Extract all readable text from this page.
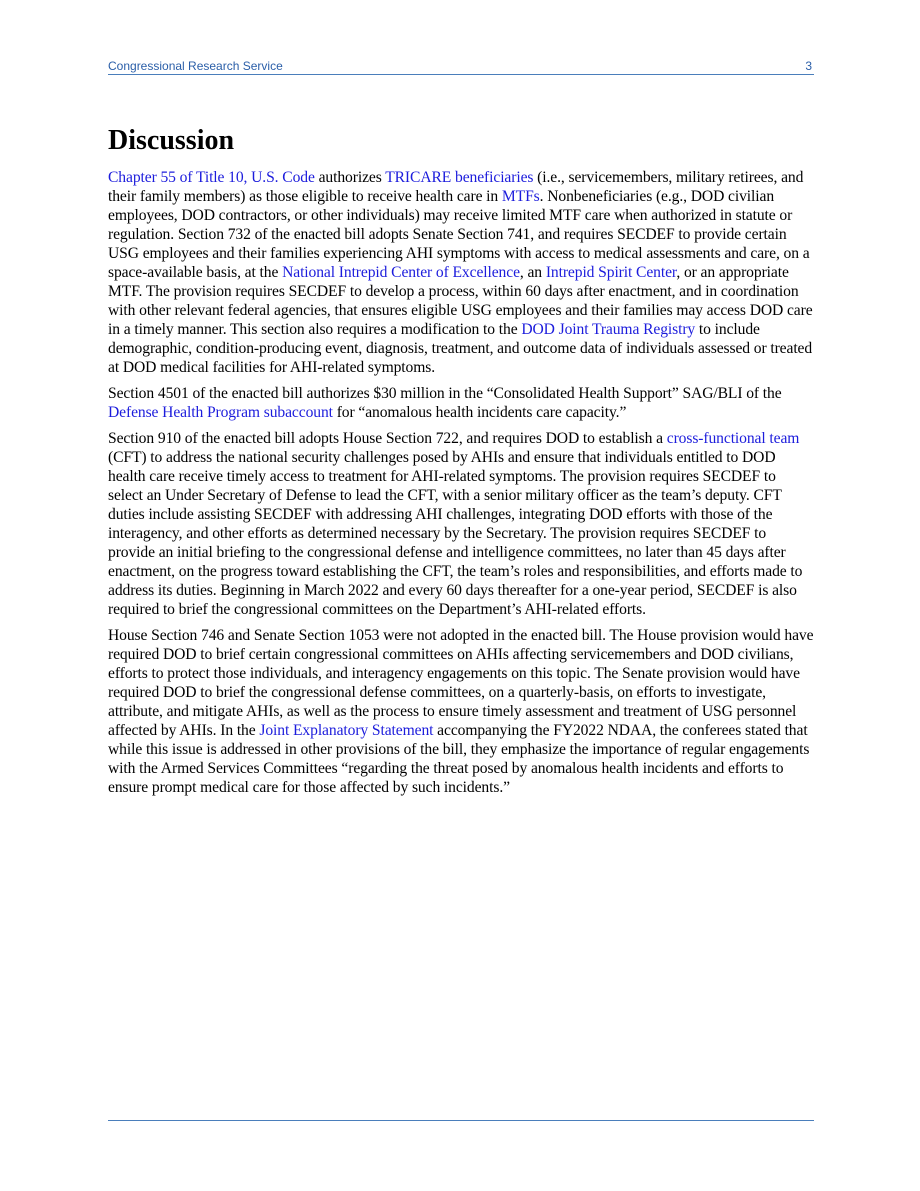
Congressional Research Service	3
Discussion

Chapter 55 of Title 10, U.S. Code authorizes TRICARE beneficiaries (i.e., servicemembers, military retirees, and their family members) as those eligible to receive health care in MTFs. Nonbeneficiaries (e.g., DOD civilian employees, DOD contractors, or other individuals) may receive limited MTF care when authorized in statute or regulation. Section 732 of the enacted bill adopts Senate Section 741, and requires SECDEF to provide certain USG employees and their families experiencing AHI symptoms with access to medical assessments and care, on a space-available basis, at the National Intrepid Center of Excellence, an Intrepid Spirit Center, or an appropriate MTF. The provision requires SECDEF to develop a process, within 60 days after enactment, and in coordination with other relevant federal agencies, that ensures eligible USG employees and their families may access DOD care in a timely manner. This section also requires a modification to the DOD Joint Trauma Registry to include demographic, condition-producing event, diagnosis, treatment, and outcome data of individuals assessed or treated at DOD medical facilities for AHI-related symptoms.

Section 4501 of the enacted bill authorizes $30 million in the “Consolidated Health Support” SAG/BLI of the Defense Health Program subaccount for “anomalous health incidents care capacity.”

Section 910 of the enacted bill adopts House Section 722, and requires DOD to establish a cross-functional team (CFT) to address the national security challenges posed by AHIs and ensure that individuals entitled to DOD health care receive timely access to treatment for AHI-related symptoms. The provision requires SECDEF to select an Under Secretary of Defense to lead the CFT, with a senior military officer as the team’s deputy. CFT duties include assisting SECDEF with addressing AHI challenges, integrating DOD efforts with those of the interagency, and other efforts as determined necessary by the Secretary. The provision requires SECDEF to provide an initial briefing to the congressional defense and intelligence committees, no later than 45 days after enactment, on the progress toward establishing the CFT, the team’s roles and responsibilities, and efforts made to address its duties. Beginning in March 2022 and every 60 days thereafter for a one-year period, SECDEF is also required to brief the congressional committees on the Department’s AHI-related efforts.

House Section 746 and Senate Section 1053 were not adopted in the enacted bill. The House provision would have required DOD to brief certain congressional committees on AHIs affecting servicemembers and DOD civilians, efforts to protect those individuals, and interagency engagements on this topic. The Senate provision would have required DOD to brief the congressional defense committees, on a quarterly-basis, on efforts to investigate, attribute, and mitigate AHIs, as well as the process to ensure timely assessment and treatment of USG personnel affected by AHIs. In the Joint Explanatory Statement accompanying the FY2022 NDAA, the conferees stated that while this issue is addressed in other provisions of the bill, they emphasize the importance of regular engagements with the Armed Services Committees “regarding the threat posed by anomalous health incidents and efforts to ensure prompt medical care for those affected by such incidents.”
